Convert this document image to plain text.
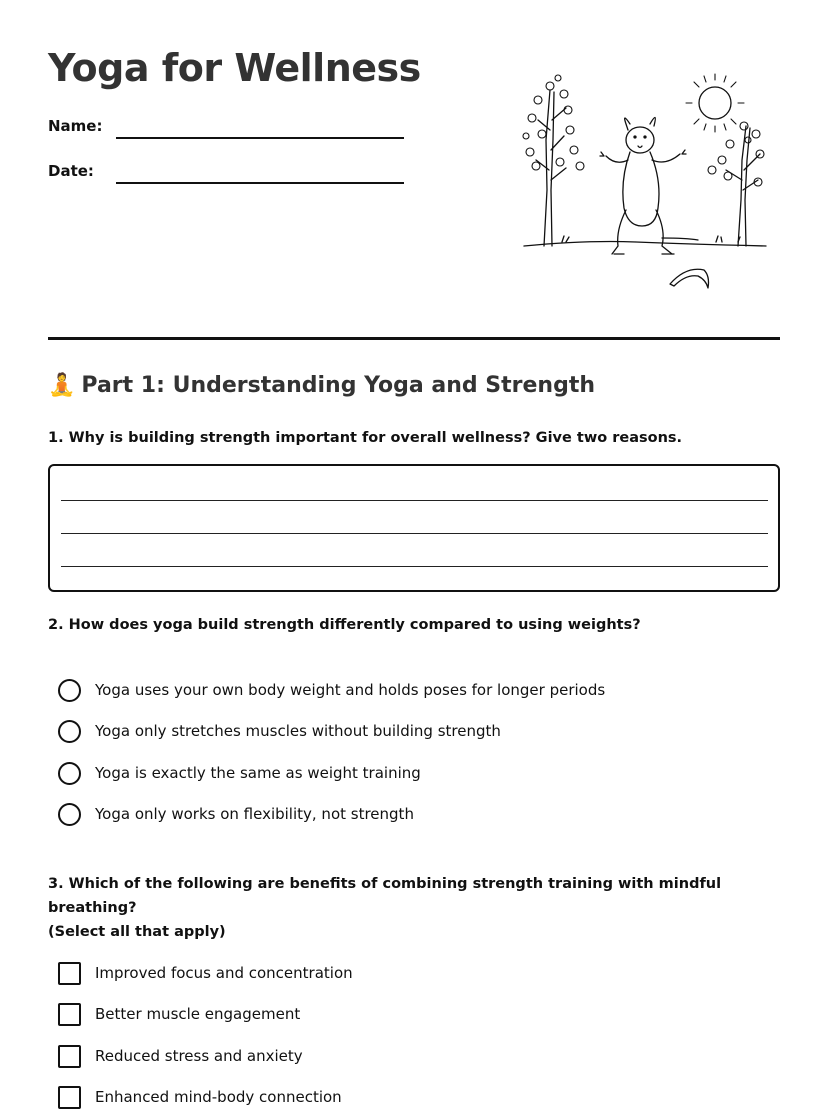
Yoga for Wellness
Name:
Date:
🧘 Part 1: Understanding Yoga and Strength

1. Why is building strength important for overall wellness? Give two reasons.

2. How does yoga build strength differently compared to using weights?

Yoga uses your own body weight and holds poses for longer periods
Yoga only stretches muscles without building strength
Yoga is exactly the same as weight training
Yoga only works on flexibility, not strength

3. Which of the following are benefits of combining strength training with mindful breathing?
(Select all that apply)

Improved focus and concentration
Better muscle engagement
Reduced stress and anxiety
Enhanced mind-body connection
